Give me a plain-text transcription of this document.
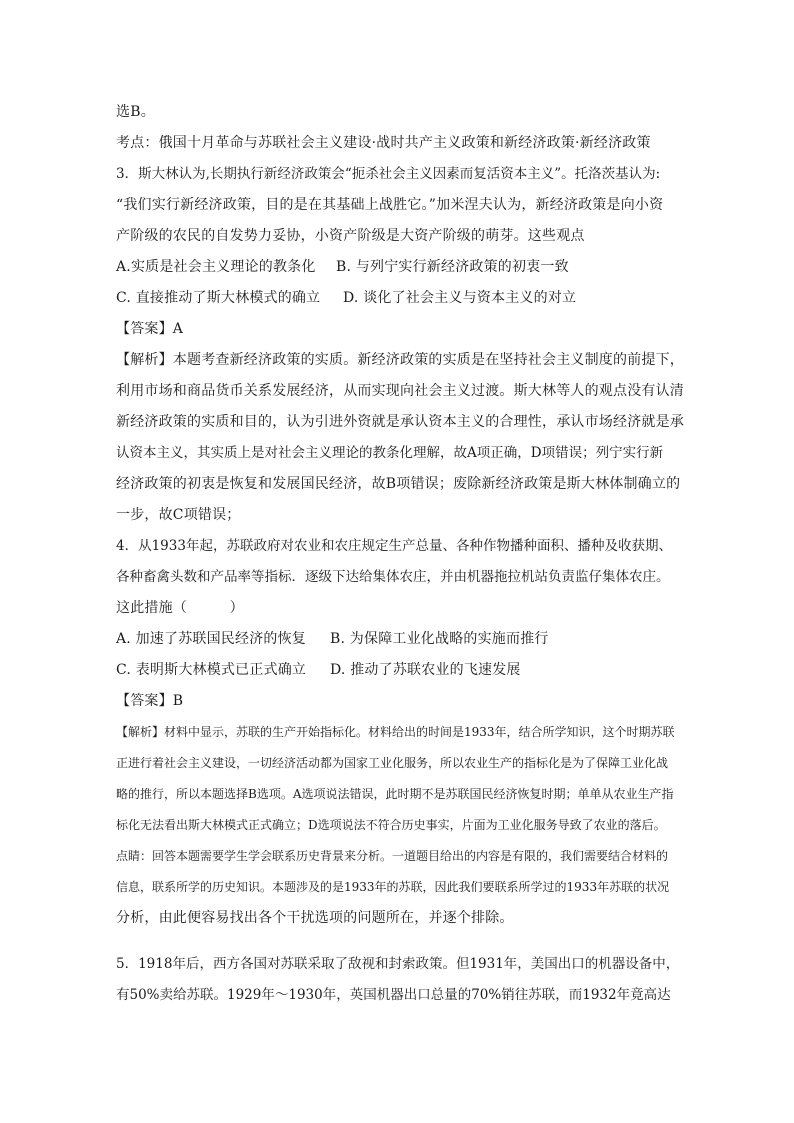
选B。
考点：俄国十月革命与苏联社会主义建设·战时共产主义政策和新经济政策·新经济政策
3．斯大林认为,长期执行新经济政策会“扼杀社会主义因素而复活资本主义”。托洛茨基认为:
“我们实行新经济政策，目的是在其基础上战胜它。”加米涅夫认为，新经济政策是向小资
产阶级的农民的自发势力妥协，小资产阶级是大资产阶级的萌芽。这些观点
A.实质是社会主义理论的教条化 B. 与列宁实行新经济政策的初衷一致
C. 直接推动了斯大林模式的确立 D. 谈化了社会主义与资本主义的对立
【答案】A
【解析】本题考查新经济政策的实质。新经济政策的实质是在坚持社会主义制度的前提下，
利用市场和商品货币关系发展经济，从而实现向社会主义过渡。斯大林等人的观点没有认清
新经济政策的实质和目的，认为引进外资就是承认资本主义的合理性，承认市场经济就是承
认资本主义，其实质上是对社会主义理论的教条化理解，故A项正确，D项错误；列宁实行新
经济政策的初衷是恢复和发展国民经济，故B项错误；废除新经济政策是斯大林体制确立的
一步，故C项错误；
4．从1933年起，苏联政府对农业和农庄规定生产总量、各种作物播种面积、播种及收获期、
各种畜禽头数和产品率等指标．逐级下达给集体农庄，并由机器拖拉机站负责监仔集体农庄。
这此措施（　　　）
A. 加速了苏联国民经济的恢复 B. 为保障工业化战略的实施而推行
C. 表明斯大林模式已正式确立 D. 推动了苏联农业的飞速发展
【答案】B
【解析】材料中显示，苏联的生产开始指标化。材料给出的时间是1933年，结合所学知识，这个时期苏联
正进行着社会主义建设，一切经济活动都为国家工业化服务，所以农业生产的指标化是为了保障工业化战
略的推行，所以本题选择B选项。A选项说法错误，此时期不是苏联国民经济恢复时期；单单从农业生产指
标化无法看出斯大林模式正式确立；D选项说法不符合历史事实，片面为工业化服务导致了农业的落后。
点睛：回答本题需要学生学会联系历史背景来分析。一道题目给出的内容是有限的，我们需要结合材料的
信息，联系所学的历史知识。本题涉及的是1933年的苏联，因此我们要联系所学过的1933年苏联的状况
分析，由此便容易找出各个干扰选项的问题所在，并逐个排除。
5．1918年后，西方各国对苏联采取了敌视和封索政策。但1931年，美国出口的机器设备中，
有50%卖给苏联。1929年～1930年，英国机器出口总量的70%销往苏联，而1932年竟高达
